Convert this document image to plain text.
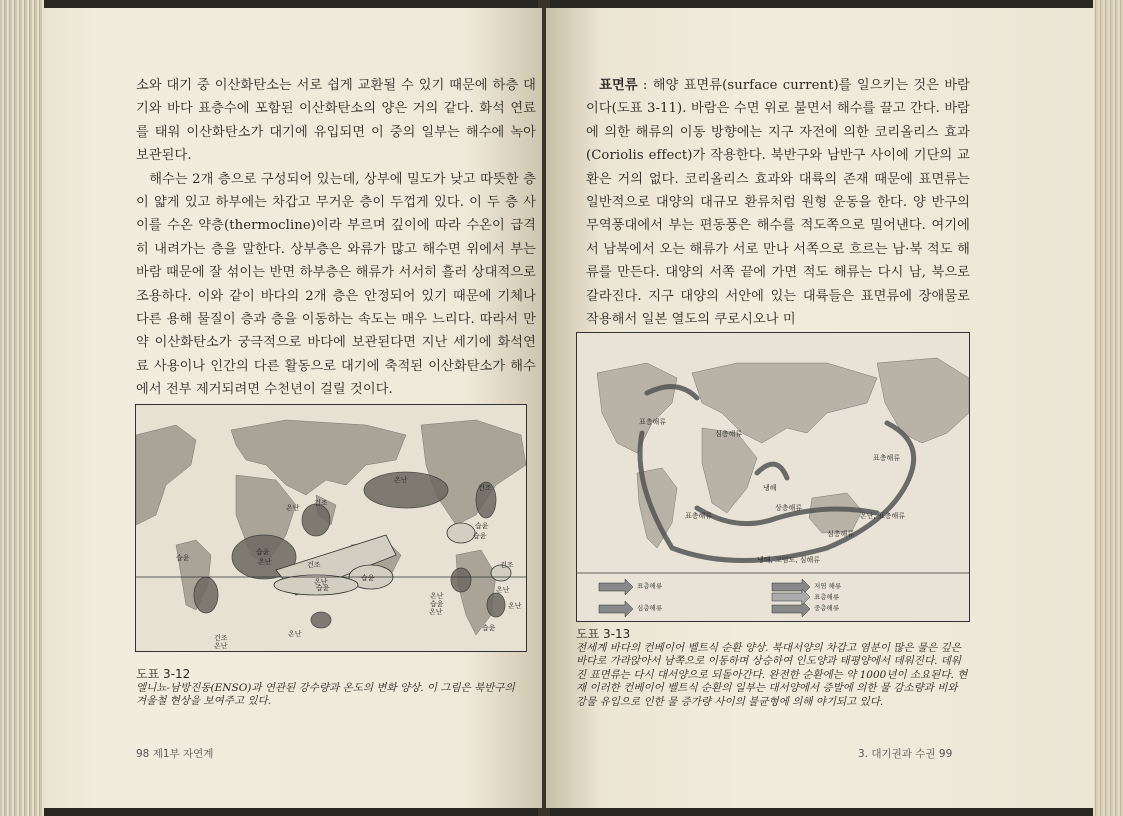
소와 대기 중 이산화탄소는 서로 쉽게 교환될 수 있기 때문에 하층 대기와 바다 표층수에 포함된 이산화탄소의 양은 거의 같다. 화석 연료를 태워 이산화탄소가 대기에 유입되면 이 중의 일부는 해수에 녹아 보관된다.

해수는 2개 층으로 구성되어 있는데, 상부에 밀도가 낮고 따뜻한 층이 얇게 있고 하부에는 차갑고 무거운 층이 두껍게 있다. 이 두 층 사이를 수온 약층(thermocline)이라 부르며 깊이에 따라 수온이 급격히 내려가는 층을 말한다. 상부층은 와류가 많고 해수면 위에서 부는 바람 때문에 잘 섞이는 반면 하부층은 해류가 서서히 흘러 상대적으로 조용하다. 이와 같이 바다의 2개 층은 안정되어 있기 때문에 기체나 다른 용해 물질이 층과 층을 이동하는 속도는 매우 느리다. 따라서 만약 이산화탄소가 궁극적으로 바다에 보관된다면 지난 세기에 화석연료 사용이나 인간의 다른 활동으로 대기에 축적된 이산화탄소가 해수에서 전부 제거되려면 수천년이 걸릴 것이다.

온난
건조
습윤
온난
건조
습윤
습윤
습윤
온난
습윤
온난
습윤
건조
건조
온난
온난
건조
온난
습윤
온난
습윤
온난
온난
도표 3-12
엘니뇨-남방진동(ENSO)과 연관된 강수량과 온도의 변화 양상. 이 그림은 북반구의 겨울철 현상을 보여주고 있다.
98 제1부 자연계

표면류 : 해양 표면류(surface current)를 일으키는 것은 바람이다(도표 3-11). 바람은 수면 위로 불면서 해수를 끌고 간다. 바람에 의한 해류의 이동 방향에는 지구 자전에 의한 코리올리스 효과(Coriolis effect)가 작용한다. 북반구와 남반구 사이에 기단의 교환은 거의 없다. 코리올리스 효과와 대륙의 존재 때문에 표면류는 일반적으로 대양의 대규모 환류처럼 원형 운동을 한다. 양 반구의 무역풍대에서 부는 편동풍은 해수를 적도쪽으로 밀어낸다. 여기에서 남북에서 오는 해류가 서로 만나 서쪽으로 흐르는 남·북 적도 해류를 만든다. 대양의 서쪽 끝에 가면 적도 해류는 다시 남, 북으로 갈라진다. 지구 대양의 서안에 있는 대륙들은 표면류에 장애물로 작용해서 일본 열도의 쿠로시오나 미

표층해류
심층해류
표층해류
냉해
상층해류
온난, 표층해류
표층해류
심층해류
냉해, 고염도, 심해류
표층해류
심층해류
저염 해류
표층해류
중층해류
도표 3-13
전세계 바다의 컨베이어 벨트식 순환 양상. 북대서양의 차갑고 염분이 많은 물은 깊은 바다로 가라앉아서 남쪽으로 이동하며 상승하여 인도양과 태평양에서 데워진다. 데워진 표면류는 다시 대서양으로 되돌아간다. 완전한 순환에는 약 1000년이 소요된다. 현재 이러한 컨베이어 벨트식 순환의 일부는 대서양에서 증발에 의한 물 감소량과 비와 강물 유입으로 인한 물 증가량 사이의 불균형에 의해 야기되고 있다.
3. 대기권과 수권 99
